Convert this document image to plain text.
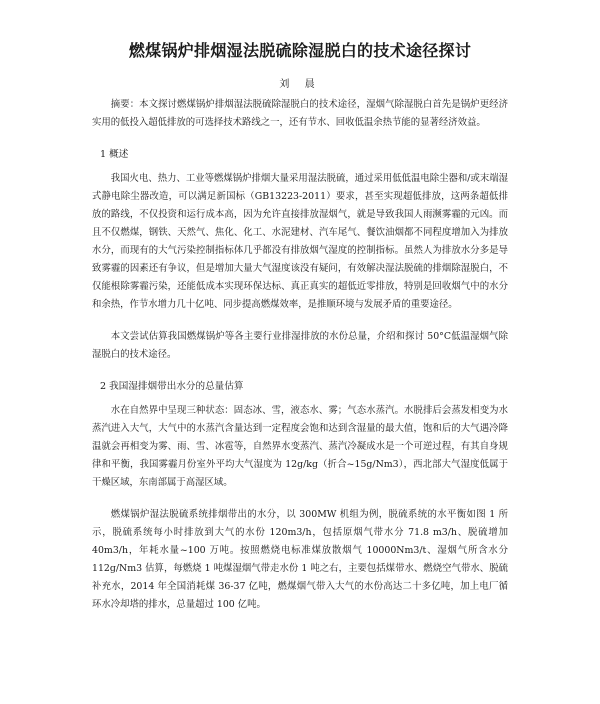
燃煤锅炉排烟湿法脱硫除湿脱白的技术途径探讨
刘 晨

摘要：本文探讨燃煤锅炉排烟湿法脱硫除湿脱白的技术途径，湿烟气除湿脱白首先是锅炉更经济实用的低投入超低排放的可选择技术路线之一，还有节水、回收低温余热节能的显著经济效益。

1 概述

我国火电、热力、工业等燃煤锅炉排烟大量采用湿法脱硫，通过采用低低温电除尘器和/或末端湿式静电除尘器改造，可以满足新国标（GB13223-2011）要求，甚至实现超低排放，这两条超低排放的路线，不仅投资和运行成本高，因为允许直接排放湿烟气，就是导致我国人雨濒雾霾的元凶。而且不仅燃煤，钢铁、天然气、焦化、化工、水泥建材、汽车尾气、餐饮油烟都不同程度增加入为排放水分，而现有的大气污染控制指标体几乎都没有排放烟气湿度的控制指标。虽然人为排放水分多是导致雾霾的因素还有争议，但是增加大量大气湿度该没有疑问，有效解决湿法脱硫的排烟除湿脱白，不仅能根除雾霾污染，还能低成本实现环保达标、真正真实的超低近零排放，特别是回收烟气中的水分和余热，作节水增力几十亿吨、同步提高燃煤效率，是推顺环境与发展矛盾的重要途径。

本文尝试估算我国燃煤锅炉等各主要行业排湿排放的水份总量，介绍和探讨 50°C低温湿烟气除湿脱白的技术途径。

2 我国湿排烟带出水分的总量估算

水在自然界中呈现三种状态：固态冰、雪，液态水、雾；气态水蒸汽。水脱排后会蒸发相变为水蒸汽进入大气，大气中的水蒸汽含量达到一定程度会饱和达到含湿量的最大值，饱和后的大气遇冷降温就会再相变为雾、雨、雪、冰雹等，自然界水变蒸汽、蒸汽冷凝成水是一个可逆过程，有其自身规律和平衡，我国雾霾月份室外平均大气湿度为 12g/kg（折合~15g/Nm3），西北部大气湿度低属于干燥区域，东南部属于高湿区域。

燃煤锅炉湿法脱硫系统排烟带出的水分，以 300MW 机组为例，脱硫系统的水平衡如图 1 所示，脱硫系统每小时排放到大气的水份 120m3/h，包括原烟气带水分 71.8 m3/h、脱硫增加 40m3/h，年耗水量~100 万吨。按照燃烧电标准煤放散烟气 10000Nm3/t、湿烟气所含水分 112g/Nm3 估算，每燃烧 1 吨煤湿烟气带走水份 1 吨之右，主要包括煤带水、燃烧空气带水、脱硫补充水，2014 年全国消耗煤 36-37 亿吨，燃煤烟气带入大气的水份高达二十多亿吨，加上电厂循环水冷却塔的排水，总量超过 100 亿吨。
